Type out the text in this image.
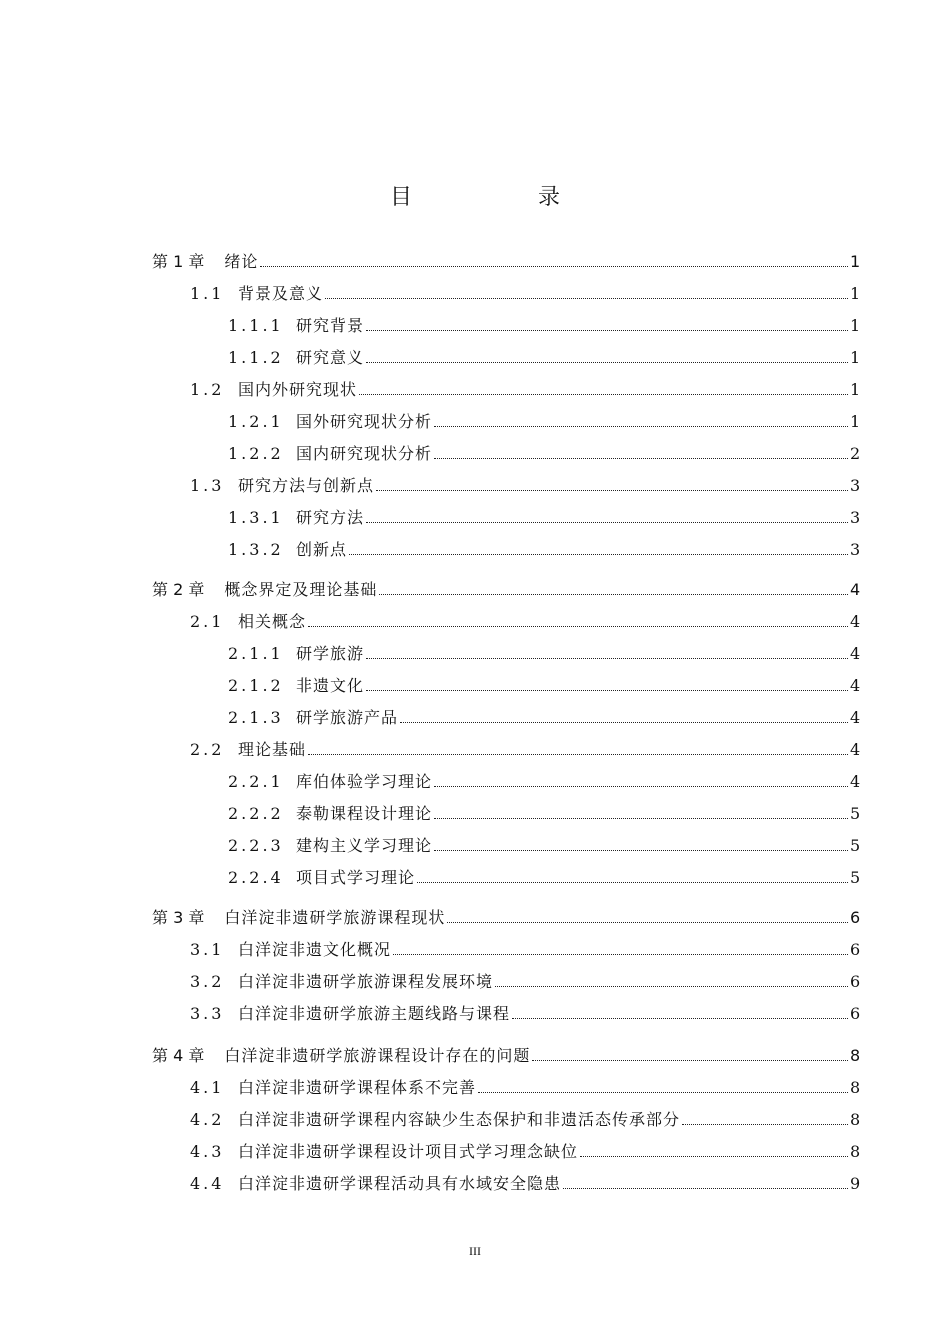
目　录
第 1 章 绪论	1
1.1 背景及意义	1
1.1.1 研究背景	1
1.1.2 研究意义	1
1.2 国内外研究现状	1
1.2.1 国外研究现状分析	1
1.2.2 国内研究现状分析	2
1.3 研究方法与创新点	3
1.3.1 研究方法	3
1.3.2 创新点	3
第 2 章 概念界定及理论基础	4
2.1 相关概念	4
2.1.1 研学旅游	4
2.1.2 非遗文化	4
2.1.3 研学旅游产品	4
2.2 理论基础	4
2.2.1 库伯体验学习理论	4
2.2.2 泰勒课程设计理论	5
2.2.3 建构主义学习理论	5
2.2.4 项目式学习理论	5
第 3 章 白洋淀非遗研学旅游课程现状	6
3.1 白洋淀非遗文化概况	6
3.2 白洋淀非遗研学旅游课程发展环境	6
3.3 白洋淀非遗研学旅游主题线路与课程	6
第 4 章 白洋淀非遗研学旅游课程设计存在的问题	8
4.1 白洋淀非遗研学课程体系不完善	8
4.2 白洋淀非遗研学课程内容缺少生态保护和非遗活态传承部分	8
4.3 白洋淀非遗研学课程设计项目式学习理念缺位	8
4.4 白洋淀非遗研学课程活动具有水域安全隐患	9
III
